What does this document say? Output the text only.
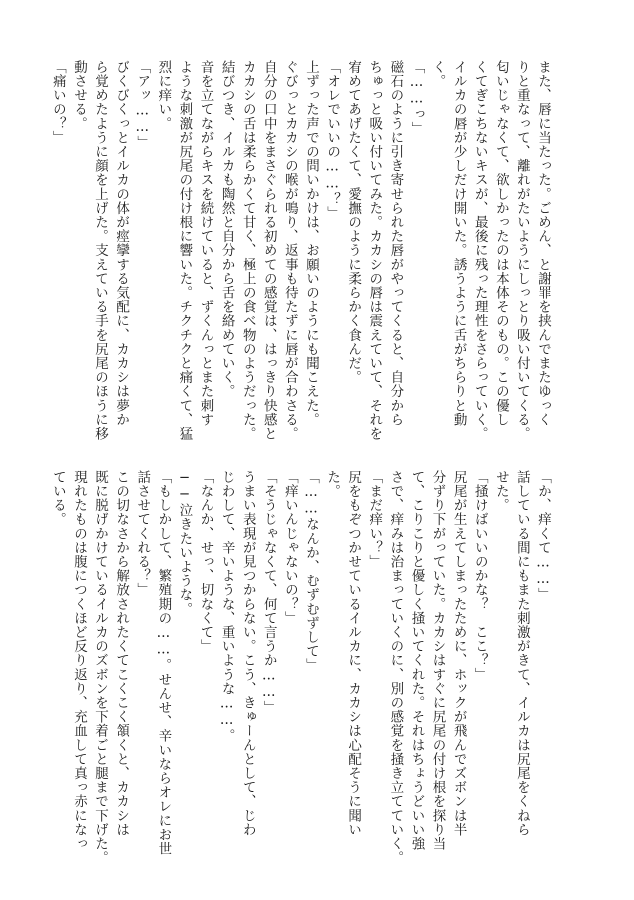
また、唇に当たった。ごめん、と謝罪を挟んでまたゆっく
りと重なって、離れがたいようにしっとり吸い付いてくる。
匂いじゃなくて、欲しかったのは本体そのもの。この優し
くてぎこちないキスが、最後に残った理性をさらっていく。
イルカの唇が少しだけ開いた。誘うように舌がちらりと動
く。
「……っ」
磁石のように引き寄せられた唇がやってくると、自分から
ちゅっと吸い付いてみた。カカシの唇は震えていて、それを
宥めてあげたくて、愛撫のように柔らかく食んだ。
「オレでいいの……？」
上ずった声での問いかけは、お願いのようにも聞こえた。
ぐびっとカカシの喉が鳴り、返事も待たずに唇が合わさる。
自分の口中をまさぐられる初めての感覚は、はっきり快感と
カカシの舌は柔らかくて甘く、極上の食べ物のようだった。
結びつき、イルカも陶然と自分から舌を絡めていく。
音を立てながらキスを続けていると、ずくんっとまた刺す
ような刺激が尻尾の付け根に響いた。チクチクと痛くて、猛
烈に痒い。
「アッ……」
びくびくっとイルカの体が痙攣する気配に、カカシは夢か
ら覚めたように顔を上げた。支えている手を尻尾のほうに移
動させる。
「痛いの？」
「か、痒くて……」
話している間にもまた刺激がきて、イルカは尻尾をくねら
せた。
「掻けばいいのかな？　ここ？」
尻尾が生えてしまったために、ホックが飛んでズボンは半
分ずり下がっていた。カカシはすぐに尻尾の付け根を探り当
て、こりこりと優しく掻いてくれた。それはちょうどいい強
さで、痒みは治まっていくのに、別の感覚を掻き立てていく。
「まだ痒い？」
尻をもぞつかせているイルカに、カカシは心配そうに聞い
た。
「……なんか、むずむずして」
「痒いんじゃないの？」
「そうじゃなくて、何て言うか……」
うまい表現が見つからない。こう、きゅーんとして、じわ
じわして、辛いような、重いような……。
「なんか、せっ、切なくて」
──泣きたいような。
「もしかして、繁殖期の……。せんせ、辛いならオレにお世
話させてくれる？」
この切なさから解放されたくてこくこく頷くと、カカシは
既に脱げかけているイルカのズボンを下着ごと腿まで下げた。
現れたものは腹につくほど反り返り、充血して真っ赤になっ
ている。
